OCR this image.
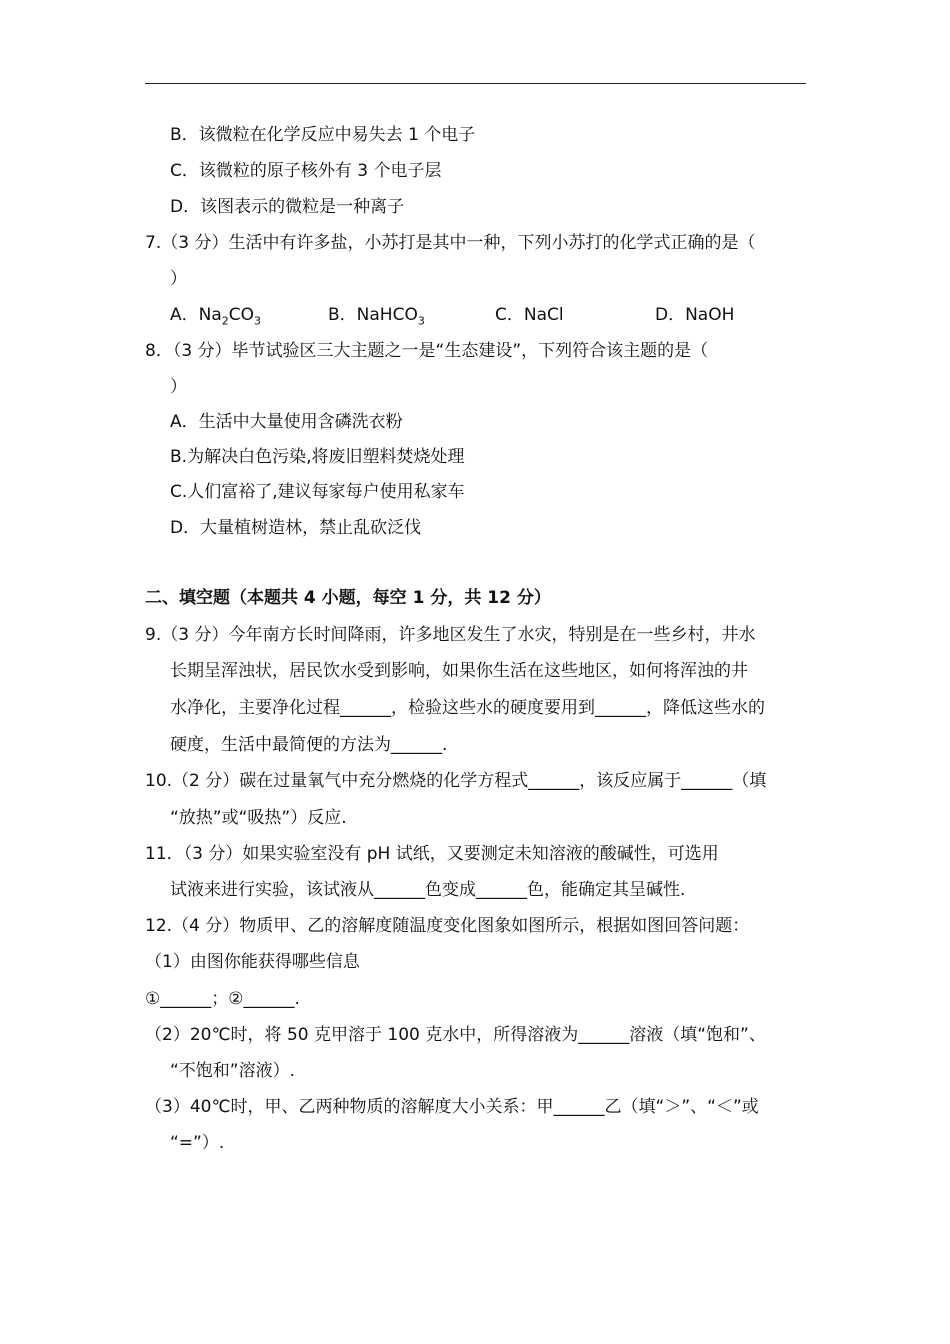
B．该微粒在化学反应中易失去 1 个电子
C．该微粒的原子核外有 3 个电子层
D．该图表示的微粒是一种离子
7.（3 分）生活中有许多盐，小苏打是其中一种，下列小苏打的化学式正确的是（
）
A．$Na_2CO_3$	B．NaHCO$_3$	C．NaCl	D．NaOH
8．（3 分）毕节试验区三大主题之一是“生态建设”，下列符合该主题的是（
）
A．生活中大量使用含磷洗衣粉
B.为解决白色污染,将废旧塑料焚烧处理
C.人们富裕了,建议每家每户使用私家车
D．大量植树造林，禁止乱砍泛伐
二、填空题（本题共 4 小题，每空 1 分，共 12 分）
9.（3 分）今年南方长时间降雨，许多地区发生了水灾，特别是在一些乡村，井水
长期呈浑浊状，居民饮水受到影响，如果你生活在这些地区，如何将浑浊的井
水净化，主要净化过程______，检验这些水的硬度要用到______，降低这些水的
硬度，生活中最简便的方法为______.
10.（2 分）碳在过量氧气中充分燃烧的化学方程式______，该反应属于______（填
“放热”或“吸热”）反应.
11．（3 分）如果实验室没有 pH 试纸，又要测定未知溶液的酸碱性，可选用
试液来进行实验，该试液从______色变成______色，能确定其呈碱性.
12.（4 分）物质甲、乙的溶解度随温度变化图象如图所示，根据如图回答问题：
（1）由图你能获得哪些信息
①______；②______.
（2）20℃时，将 50 克甲溶于 100 克水中，所得溶液为______溶液（填“饱和”、
“不饱和”溶液）.
（3）40℃时，甲、乙两种物质的溶解度大小关系：甲______乙（填“＞”、“＜”或
“=”）.
